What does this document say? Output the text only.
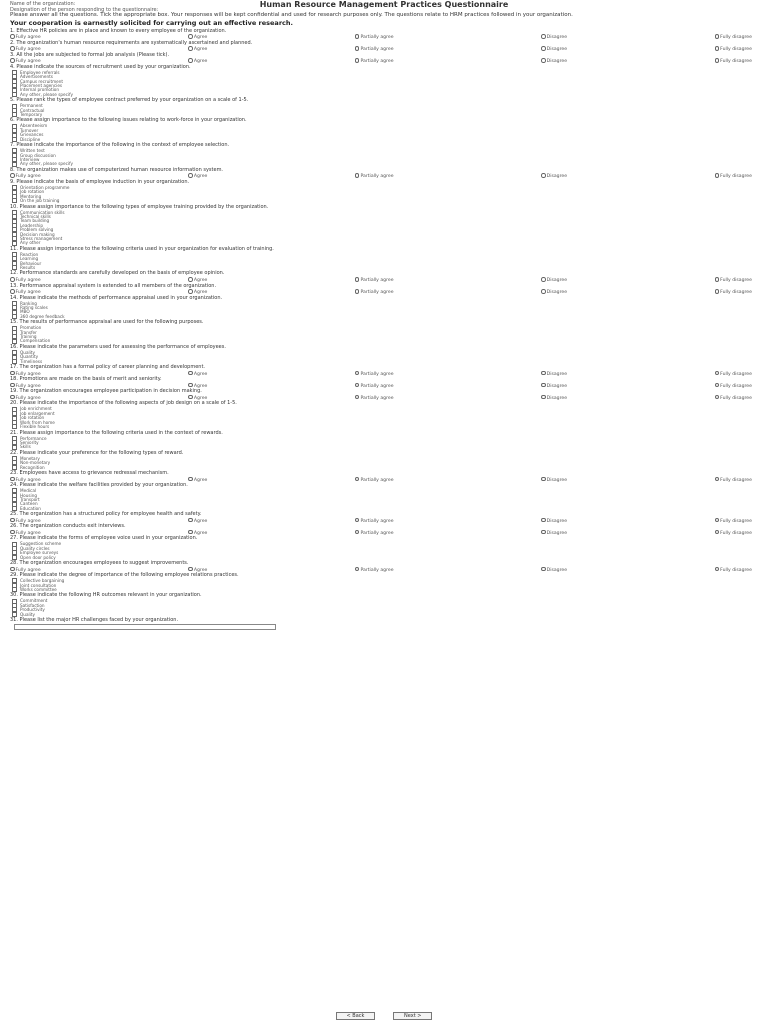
Human Resource Management Practices Questionnaire
Name of the organization:
Designation of the person responding to the questionnaire:
Please answer all the questions. Tick the appropriate box. Your responses will be kept confidential and used for research purposes only. The questions relate to HRM practices followed in your organization.
Your cooperation is earnestly solicited for carrying out an effective research.
1. Effective HR policies are in place and known to every employee of the organization.
Fully agree	Agree	Partially agree	Disagree	Fully disagree
2. The organization's human resource requirements are systematically ascertained and planned.
Fully agree	Agree	Partially agree	Disagree	Fully disagree
3. All the jobs are subjected to formal job analysis (Please tick).
Fully agree	Agree	Partially agree	Disagree	Fully disagree
4. Please indicate the sources of recruitment used by your organization.
Employee referrals
Advertisements
Campus recruitment
Placement agencies
Internal promotion
Any other, please specify
5. Please rank the types of employee contract preferred by your organization on a scale of 1-5.
Permanent
Contractual
Temporary
6. Please assign importance to the following issues relating to work-force in your organization.
Absenteeism
Turnover
Grievances
Discipline
7. Please indicate the importance of the following in the context of employee selection.
Written test
Group discussion
Interview
Any other, please specify
8. The organization makes use of computerized human resource information system.
Fully agree	Agree	Partially agree	Disagree	Fully disagree
9. Please indicate the basis of employee induction in your organization.
Orientation programme
Job rotation
Mentoring
On the job training
10. Please assign importance to the following types of employee training provided by the organization.
Communication skills
Technical skills
Team building
Leadership
Problem solving
Decision making
Stress management
Any other
11. Please assign importance to the following criteria used in your organization for evaluation of training.
Reaction
Learning
Behaviour
Results
12. Performance standards are carefully developed on the basis of employee opinion.
Fully agree	Agree	Partially agree	Disagree	Fully disagree
13. Performance appraisal system is extended to all members of the organization.
Fully agree	Agree	Partially agree	Disagree	Fully disagree
14. Please indicate the methods of performance appraisal used in your organization.
Ranking
Rating scales
MBO
360 degree feedback
15. The results of performance appraisal are used for the following purposes.
Promotion
Transfer
Training
Compensation
16. Please indicate the parameters used for assessing the performance of employees.
Quality
Quantity
Timeliness
17. The organization has a formal policy of career planning and development.
Fully agree	Agree	Partially agree	Disagree	Fully disagree
18. Promotions are made on the basis of merit and seniority.
Fully agree	Agree	Partially agree	Disagree	Fully disagree
19. The organization encourages employee participation in decision making.
Fully agree	Agree	Partially agree	Disagree	Fully disagree
20. Please indicate the importance of the following aspects of job design on a scale of 1-5.
Job enrichment
Job enlargement
Job rotation
Work from home
Flexible hours
21. Please assign importance to the following criteria used in the context of rewards.
Performance
Seniority
Skills
22. Please indicate your preference for the following types of reward.
Monetary
Non-monetary
Recognition
23. Employees have access to grievance redressal mechanism.
Fully agree	Agree	Partially agree	Disagree	Fully disagree
24. Please indicate the welfare facilities provided by your organization.
Medical
Housing
Transport
Canteen
Education
25. The organization has a structured policy for employee health and safety.
Fully agree	Agree	Partially agree	Disagree	Fully disagree
26. The organization conducts exit interviews.
Fully agree	Agree	Partially agree	Disagree	Fully disagree
27. Please indicate the forms of employee voice used in your organization.
Suggestion scheme
Quality circles
Employee surveys
Open door policy
28. The organization encourages employees to suggest improvements.
Fully agree	Agree	Partially agree	Disagree	Fully disagree
29. Please indicate the degree of importance of the following employee relations practices.
Collective bargaining
Joint consultation
Works committee
30. Please indicate the following HR outcomes relevant in your organization.
Commitment
Satisfaction
Productivity
Quality
31. Please list the major HR challenges faced by your organization.
< Back	Next >
